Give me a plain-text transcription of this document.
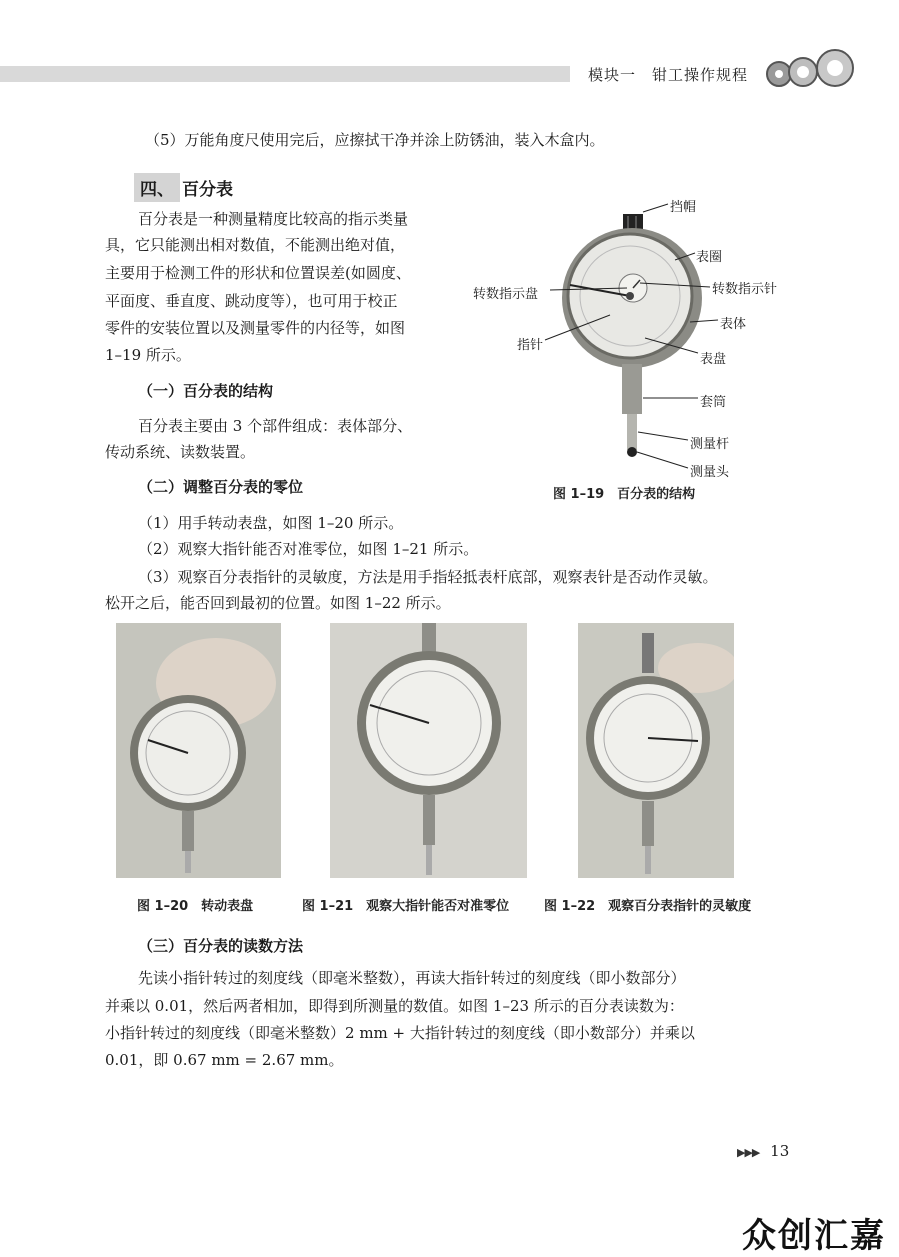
模块一　钳工操作规程
（5）万能角度尺使用完后，应擦拭干净并涂上防锈油，装入木盒内。
四、 百分表
百分表是一种测量精度比较高的指示类量
具，它只能测出相对数值，不能测出绝对值，
主要用于检测工件的形状和位置误差(如圆度、
平面度、垂直度、跳动度等），也可用于校正
零件的安装位置以及测量零件的内径等，如图
1–19 所示。
（一）百分表的结构
百分表主要由 3 个部件组成：表体部分、
传动系统、读数装置。
（二）调整百分表的零位
挡帽
表圈
转数指示盘	转数指示针
表体
指针
表盘
套筒
测量杆
测量头
图 1–19　百分表的结构
（1）用手转动表盘，如图 1–20 所示。
（2）观察大指针能否对准零位，如图 1–21 所示。
（3）观察百分表指针的灵敏度，方法是用手指轻抵表杆底部，观察表针是否动作灵敏。
松开之后，能否回到最初的位置。如图 1–22 所示。
图 1–20　转动表盘	图 1–21　观察大指针能否对准零位	图 1–22　观察百分表指针的灵敏度
（三）百分表的读数方法
先读小指针转过的刻度线（即毫米整数），再读大指针转过的刻度线（即小数部分）
并乘以 0.01，然后两者相加，即得到所测量的数值。如图 1–23 所示的百分表读数为：
小指针转过的刻度线（即毫米整数）2 mm + 大指针转过的刻度线（即小数部分）并乘以
0.01，即 0.67 mm = 2.67 mm。
▶▶▶ 13
众创汇嘉
